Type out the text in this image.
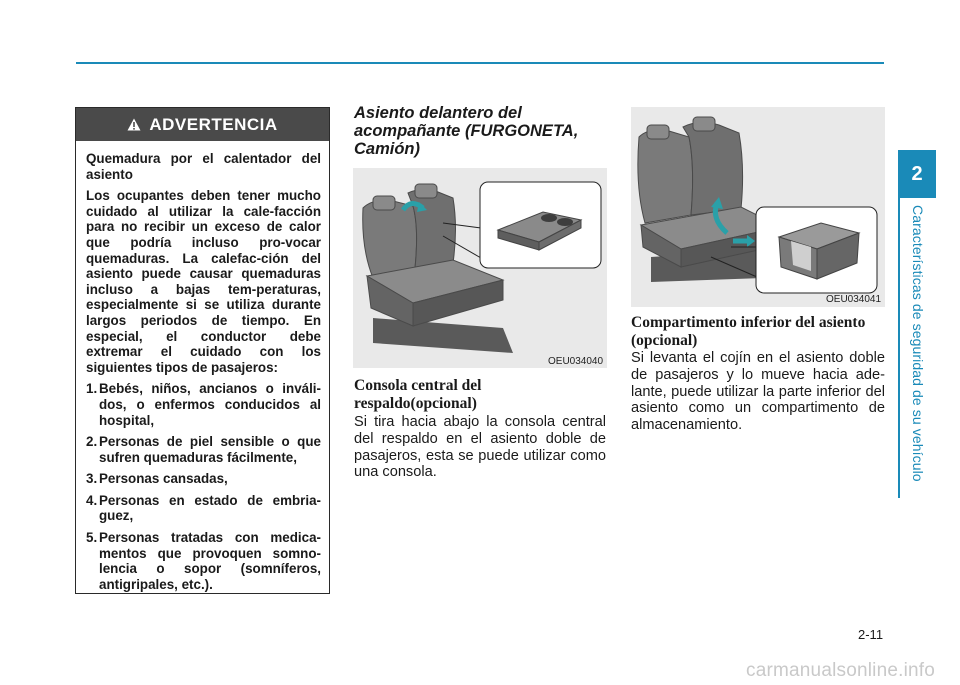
2
Características de seguridad de su vehículo
ADVERTENCIA

Quemadura por el calentador del asiento

Los ocupantes deben tener mucho cuidado al utilizar la cale-facción para no recibir un exceso de calor que podría incluso pro-vocar quemaduras. La calefac-ción del asiento puede causar quemaduras incluso a bajas tem-peraturas, especialmente si se utiliza durante largos periodos de tiempo. En especial, el conductor debe extremar el cuidado con los siguientes tipos de pasajeros:

1. Bebés, niños, ancianos o inváli-dos, o enfermos conducidos al hospital,
2. Personas de piel sensible o que sufren quemaduras fácilmente,
3. Personas cansadas,
4. Personas en estado de embria-guez,
5. Personas tratadas con medica-mentos que provoquen somno-lencia o sopor (somníferos, antigripales, etc.).
Asiento delantero del acompañante (FURGONETA, Camión)
OEU034040
Consola central del respaldo(opcional)
Si tira hacia abajo la consola central del respaldo en el asiento doble de pasajeros, esta se puede utilizar como una consola.
OEU034041
Compartimento inferior del asiento (opcional)
Si levanta el cojín en el asiento doble de pasajeros y lo mueve hacia ade-lante, puede utilizar la parte inferior del asiento como un compartimento de almacenamiento.
2-11
carmanualsonline.info
